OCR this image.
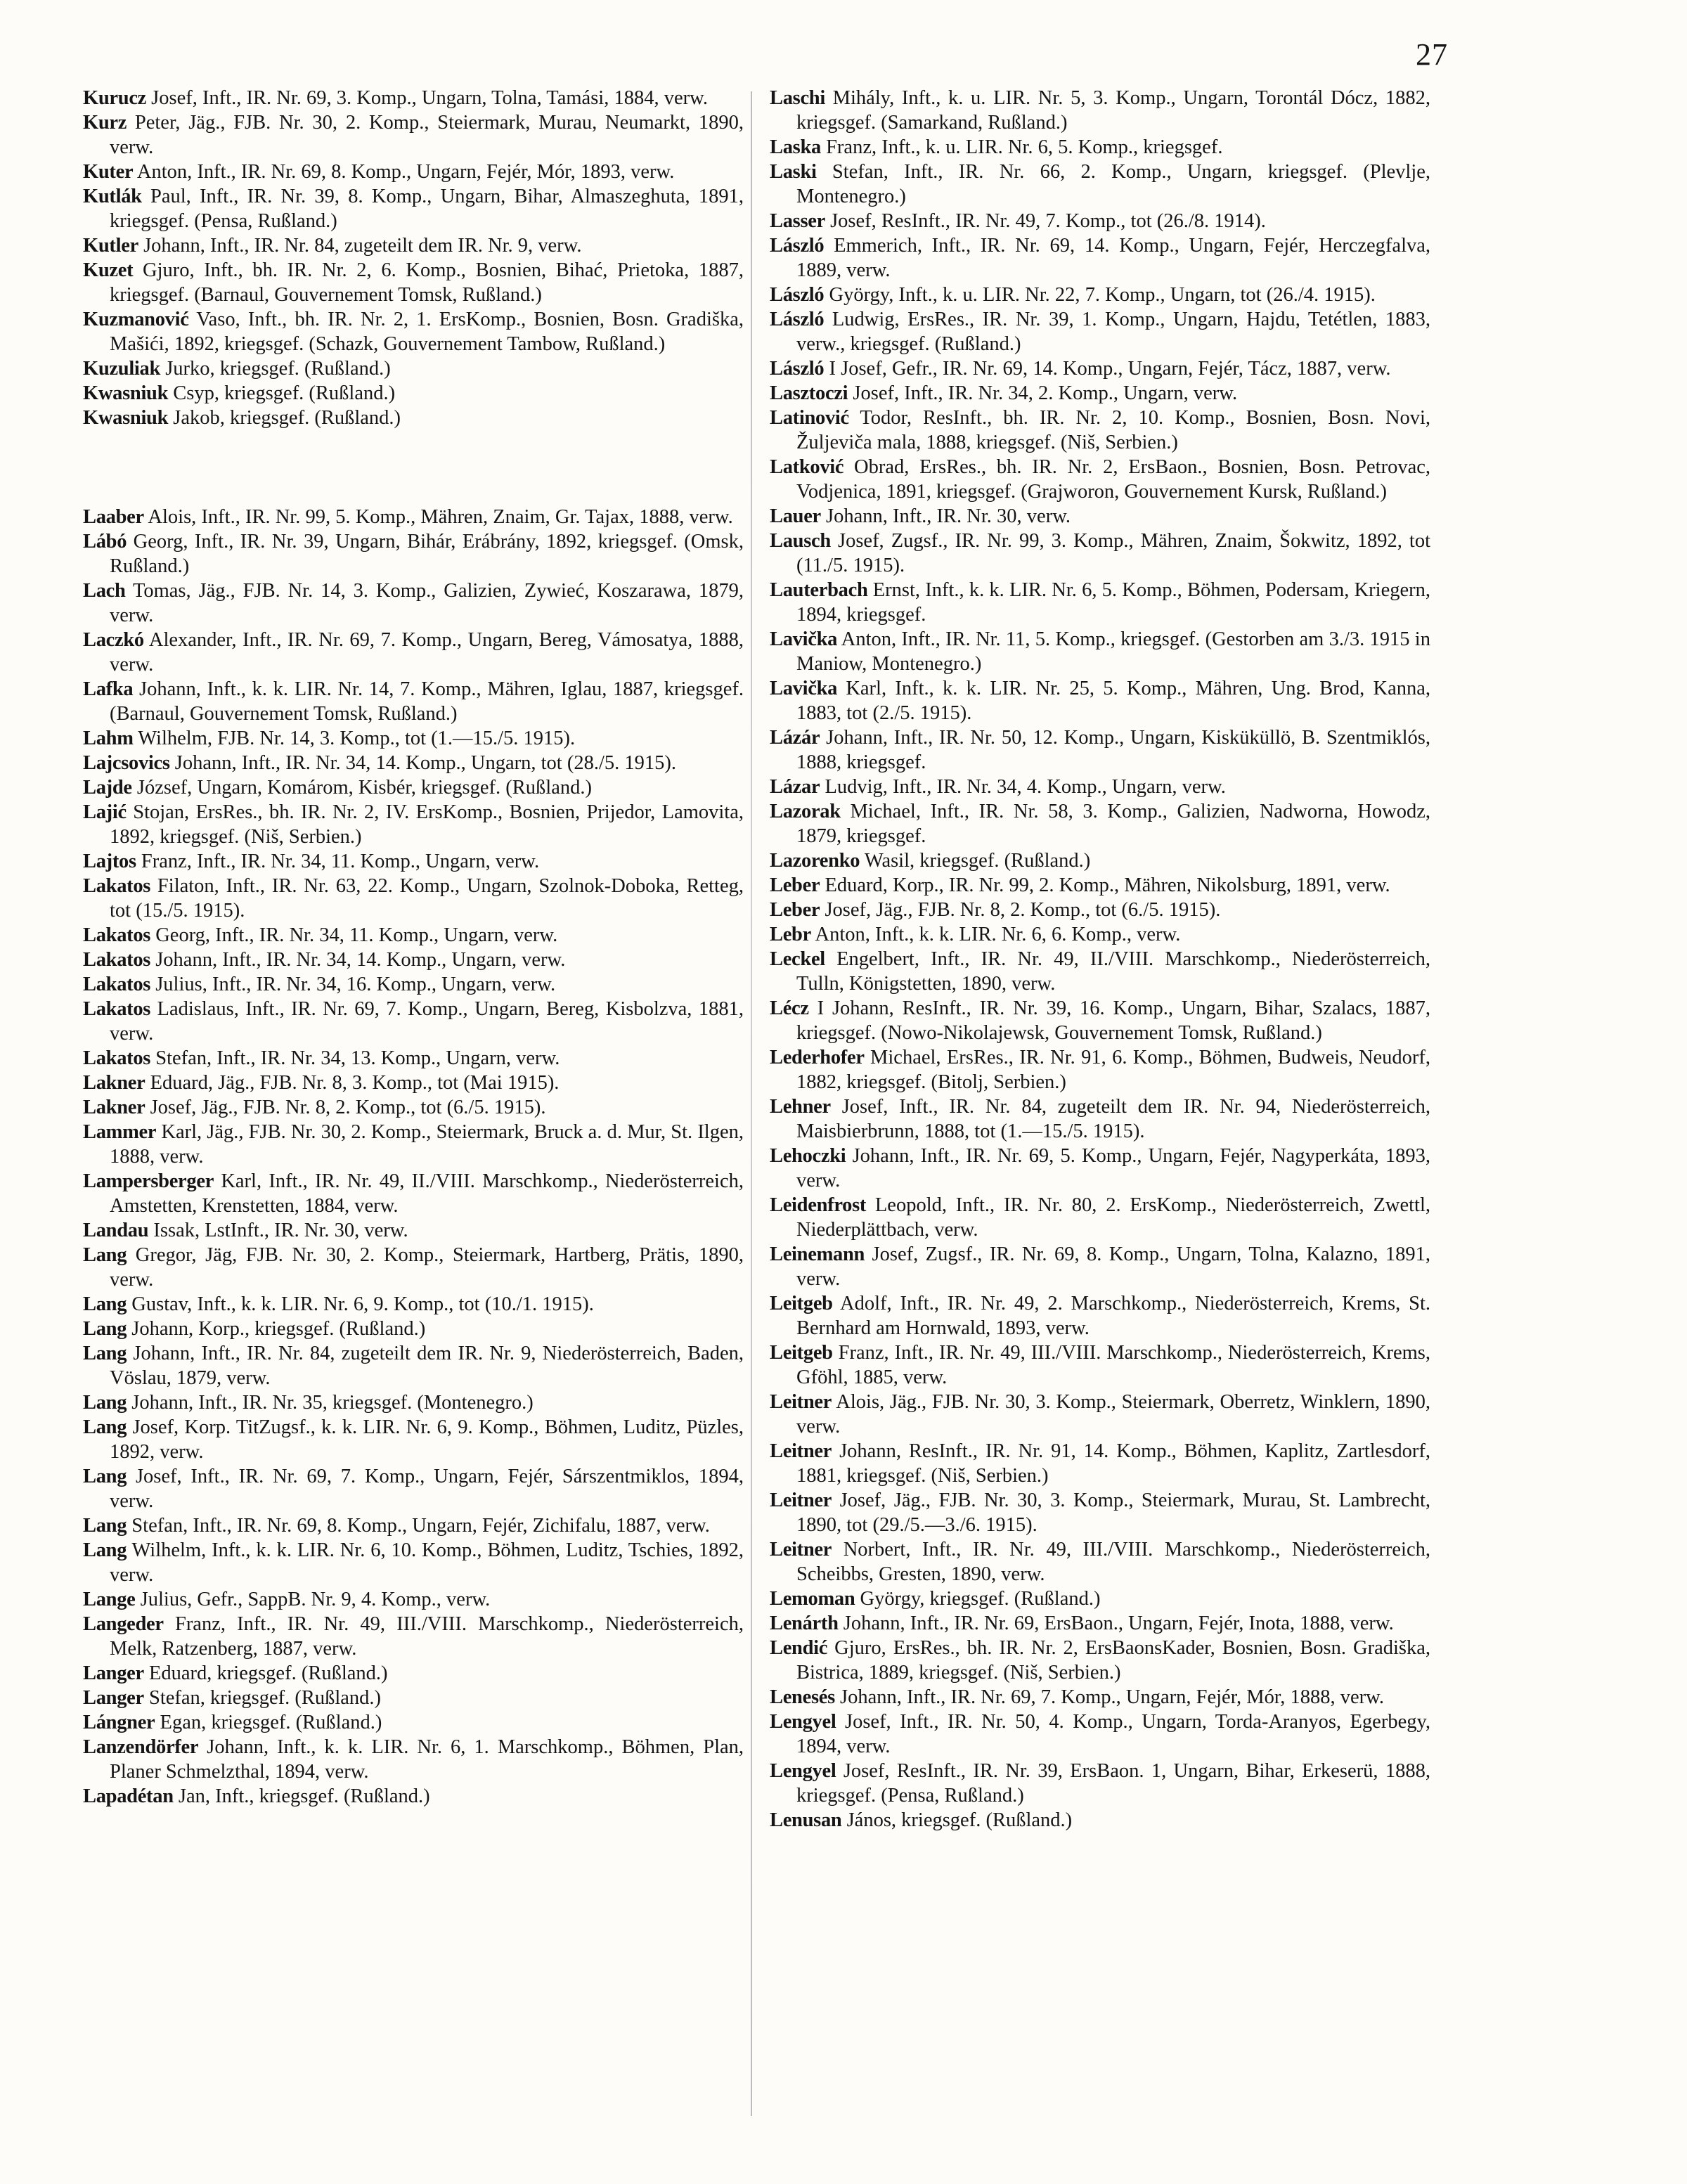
27

Kurucz Josef, Inft., IR. Nr. 69, 3. Komp., Ungarn, Tolna, Tamási, 1884, verw.

Kurz Peter, Jäg., FJB. Nr. 30, 2. Komp., Steiermark, Murau, Neumarkt, 1890, verw.

Kuter Anton, Inft., IR. Nr. 69, 8. Komp., Ungarn, Fejér, Mór, 1893, verw.

Kutlák Paul, Inft., IR. Nr. 39, 8. Komp., Ungarn, Bihar, Almaszeghuta, 1891, kriegsgef. (Pensa, Rußland.)

Kutler Johann, Inft., IR. Nr. 84, zugeteilt dem IR. Nr. 9, verw.

Kuzet Gjuro, Inft., bh. IR. Nr. 2, 6. Komp., Bosnien, Bihać, Prietoka, 1887, kriegsgef. (Barnaul, Gouvernement Tomsk, Rußland.)

Kuzmanović Vaso, Inft., bh. IR. Nr. 2, 1. ErsKomp., Bosnien, Bosn. Gradiška, Mašići, 1892, kriegsgef. (Schazk, Gouvernement Tambow, Rußland.)

Kuzuliak Jurko, kriegsgef. (Rußland.)

Kwasniuk Csyp, kriegsgef. (Rußland.)

Kwasniuk Jakob, kriegsgef. (Rußland.)

Laaber Alois, Inft., IR. Nr. 99, 5. Komp., Mähren, Znaim, Gr. Tajax, 1888, verw.

Lábó Georg, Inft., IR. Nr. 39, Ungarn, Bihár, Erábrány, 1892, kriegsgef. (Omsk, Rußland.)

Lach Tomas, Jäg., FJB. Nr. 14, 3. Komp., Galizien, Zywieć, Koszarawa, 1879, verw.

Laczkó Alexander, Inft., IR. Nr. 69, 7. Komp., Ungarn, Bereg, Vámosatya, 1888, verw.

Lafka Johann, Inft., k. k. LIR. Nr. 14, 7. Komp., Mähren, Iglau, 1887, kriegsgef. (Barnaul, Gouvernement Tomsk, Rußland.)

Lahm Wilhelm, FJB. Nr. 14, 3. Komp., tot (1.—15./5. 1915).

Lajcsovics Johann, Inft., IR. Nr. 34, 14. Komp., Ungarn, tot (28./5. 1915).

Lajde József, Ungarn, Komárom, Kisbér, kriegsgef. (Rußland.)

Lajić Stojan, ErsRes., bh. IR. Nr. 2, IV. ErsKomp., Bosnien, Prijedor, Lamovita, 1892, kriegsgef. (Niš, Serbien.)

Lajtos Franz, Inft., IR. Nr. 34, 11. Komp., Ungarn, verw.

Lakatos Filaton, Inft., IR. Nr. 63, 22. Komp., Ungarn, Szolnok-Doboka, Retteg, tot (15./5. 1915).

Lakatos Georg, Inft., IR. Nr. 34, 11. Komp., Ungarn, verw.

Lakatos Johann, Inft., IR. Nr. 34, 14. Komp., Ungarn, verw.

Lakatos Julius, Inft., IR. Nr. 34, 16. Komp., Ungarn, verw.

Lakatos Ladislaus, Inft., IR. Nr. 69, 7. Komp., Ungarn, Bereg, Kisbolzva, 1881, verw.

Lakatos Stefan, Inft., IR. Nr. 34, 13. Komp., Ungarn, verw.

Lakner Eduard, Jäg., FJB. Nr. 8, 3. Komp., tot (Mai 1915).

Lakner Josef, Jäg., FJB. Nr. 8, 2. Komp., tot (6./5. 1915).

Lammer Karl, Jäg., FJB. Nr. 30, 2. Komp., Steiermark, Bruck a. d. Mur, St. Ilgen, 1888, verw.

Lampersberger Karl, Inft., IR. Nr. 49, II./VIII. Marschkomp., Niederösterreich, Amstetten, Krenstetten, 1884, verw.

Landau Issak, LstInft., IR. Nr. 30, verw.

Lang Gregor, Jäg, FJB. Nr. 30, 2. Komp., Steiermark, Hartberg, Prätis, 1890, verw.

Lang Gustav, Inft., k. k. LIR. Nr. 6, 9. Komp., tot (10./1. 1915).

Lang Johann, Korp., kriegsgef. (Rußland.)

Lang Johann, Inft., IR. Nr. 84, zugeteilt dem IR. Nr. 9, Niederösterreich, Baden, Vöslau, 1879, verw.

Lang Johann, Inft., IR. Nr. 35, kriegsgef. (Montenegro.)

Lang Josef, Korp. TitZugsf., k. k. LIR. Nr. 6, 9. Komp., Böhmen, Luditz, Püzles, 1892, verw.

Lang Josef, Inft., IR. Nr. 69, 7. Komp., Ungarn, Fejér, Sárszentmiklos, 1894, verw.

Lang Stefan, Inft., IR. Nr. 69, 8. Komp., Ungarn, Fejér, Zichifalu, 1887, verw.

Lang Wilhelm, Inft., k. k. LIR. Nr. 6, 10. Komp., Böhmen, Luditz, Tschies, 1892, verw.

Lange Julius, Gefr., SappB. Nr. 9, 4. Komp., verw.

Langeder Franz, Inft., IR. Nr. 49, III./VIII. Marschkomp., Niederösterreich, Melk, Ratzenberg, 1887, verw.

Langer Eduard, kriegsgef. (Rußland.)

Langer Stefan, kriegsgef. (Rußland.)

Lángner Egan, kriegsgef. (Rußland.)

Lanzendörfer Johann, Inft., k. k. LIR. Nr. 6, 1. Marschkomp., Böhmen, Plan, Planer Schmelzthal, 1894, verw.

Lapadétan Jan, Inft., kriegsgef. (Rußland.)

Laschi Mihály, Inft., k. u. LIR. Nr. 5, 3. Komp., Ungarn, Torontál Dócz, 1882, kriegsgef. (Samarkand, Rußland.)

Laska Franz, Inft., k. u. LIR. Nr. 6, 5. Komp., kriegsgef.

Laski Stefan, Inft., IR. Nr. 66, 2. Komp., Ungarn, kriegsgef. (Plevlje, Montenegro.)

Lasser Josef, ResInft., IR. Nr. 49, 7. Komp., tot (26./8. 1914).

László Emmerich, Inft., IR. Nr. 69, 14. Komp., Ungarn, Fejér, Herczegfalva, 1889, verw.

László György, Inft., k. u. LIR. Nr. 22, 7. Komp., Ungarn, tot (26./4. 1915).

László Ludwig, ErsRes., IR. Nr. 39, 1. Komp., Ungarn, Hajdu, Tetétlen, 1883, verw., kriegsgef. (Rußland.)

László I Josef, Gefr., IR. Nr. 69, 14. Komp., Ungarn, Fejér, Tácz, 1887, verw.

Lasztoczi Josef, Inft., IR. Nr. 34, 2. Komp., Ungarn, verw.

Latinović Todor, ResInft., bh. IR. Nr. 2, 10. Komp., Bosnien, Bosn. Novi, Žuljeviča mala, 1888, kriegsgef. (Niš, Serbien.)

Latković Obrad, ErsRes., bh. IR. Nr. 2, ErsBaon., Bosnien, Bosn. Petrovac, Vodjenica, 1891, kriegsgef. (Grajworon, Gouvernement Kursk, Rußland.)

Lauer Johann, Inft., IR. Nr. 30, verw.

Lausch Josef, Zugsf., IR. Nr. 99, 3. Komp., Mähren, Znaim, Šokwitz, 1892, tot (11./5. 1915).

Lauterbach Ernst, Inft., k. k. LIR. Nr. 6, 5. Komp., Böhmen, Podersam, Kriegern, 1894, kriegsgef.

Lavička Anton, Inft., IR. Nr. 11, 5. Komp., kriegsgef. (Gestorben am 3./3. 1915 in Maniow, Montenegro.)

Lavička Karl, Inft., k. k. LIR. Nr. 25, 5. Komp., Mähren, Ung. Brod, Kanna, 1883, tot (2./5. 1915).

Lázár Johann, Inft., IR. Nr. 50, 12. Komp., Ungarn, Kisküküllö, B. Szentmiklós, 1888, kriegsgef.

Lázar Ludvig, Inft., IR. Nr. 34, 4. Komp., Ungarn, verw.

Lazorak Michael, Inft., IR. Nr. 58, 3. Komp., Galizien, Nadworna, Howodz, 1879, kriegsgef.

Lazorenko Wasil, kriegsgef. (Rußland.)

Leber Eduard, Korp., IR. Nr. 99, 2. Komp., Mähren, Nikolsburg, 1891, verw.

Leber Josef, Jäg., FJB. Nr. 8, 2. Komp., tot (6./5. 1915).

Lebr Anton, Inft., k. k. LIR. Nr. 6, 6. Komp., verw.

Leckel Engelbert, Inft., IR. Nr. 49, II./VIII. Marschkomp., Niederösterreich, Tulln, Königstetten, 1890, verw.

Lécz I Johann, ResInft., IR. Nr. 39, 16. Komp., Ungarn, Bihar, Szalacs, 1887, kriegsgef. (Nowo-Nikolajewsk, Gouvernement Tomsk, Rußland.)

Lederhofer Michael, ErsRes., IR. Nr. 91, 6. Komp., Böhmen, Budweis, Neudorf, 1882, kriegsgef. (Bitolj, Serbien.)

Lehner Josef, Inft., IR. Nr. 84, zugeteilt dem IR. Nr. 94, Niederösterreich, Maisbierbrunn, 1888, tot (1.—15./5. 1915).

Lehoczki Johann, Inft., IR. Nr. 69, 5. Komp., Ungarn, Fejér, Nagyperkáta, 1893, verw.

Leidenfrost Leopold, Inft., IR. Nr. 80, 2. ErsKomp., Niederösterreich, Zwettl, Niederplättbach, verw.

Leinemann Josef, Zugsf., IR. Nr. 69, 8. Komp., Ungarn, Tolna, Kalazno, 1891, verw.

Leitgeb Adolf, Inft., IR. Nr. 49, 2. Marschkomp., Niederösterreich, Krems, St. Bernhard am Hornwald, 1893, verw.

Leitgeb Franz, Inft., IR. Nr. 49, III./VIII. Marschkomp., Niederösterreich, Krems, Gföhl, 1885, verw.

Leitner Alois, Jäg., FJB. Nr. 30, 3. Komp., Steiermark, Oberretz, Winklern, 1890, verw.

Leitner Johann, ResInft., IR. Nr. 91, 14. Komp., Böhmen, Kaplitz, Zartlesdorf, 1881, kriegsgef. (Niš, Serbien.)

Leitner Josef, Jäg., FJB. Nr. 30, 3. Komp., Steiermark, Murau, St. Lambrecht, 1890, tot (29./5.—3./6. 1915).

Leitner Norbert, Inft., IR. Nr. 49, III./VIII. Marschkomp., Niederösterreich, Scheibbs, Gresten, 1890, verw.

Lemoman György, kriegsgef. (Rußland.)

Lenárth Johann, Inft., IR. Nr. 69, ErsBaon., Ungarn, Fejér, Inota, 1888, verw.

Lendić Gjuro, ErsRes., bh. IR. Nr. 2, ErsBaonsKader, Bosnien, Bosn. Gradiška, Bistrica, 1889, kriegsgef. (Niš, Serbien.)

Lenesés Johann, Inft., IR. Nr. 69, 7. Komp., Ungarn, Fejér, Mór, 1888, verw.

Lengyel Josef, Inft., IR. Nr. 50, 4. Komp., Ungarn, Torda-Aranyos, Egerbegy, 1894, verw.

Lengyel Josef, ResInft., IR. Nr. 39, ErsBaon. 1, Ungarn, Bihar, Erkeserü, 1888, kriegsgef. (Pensa, Rußland.)

Lenusan János, kriegsgef. (Rußland.)
